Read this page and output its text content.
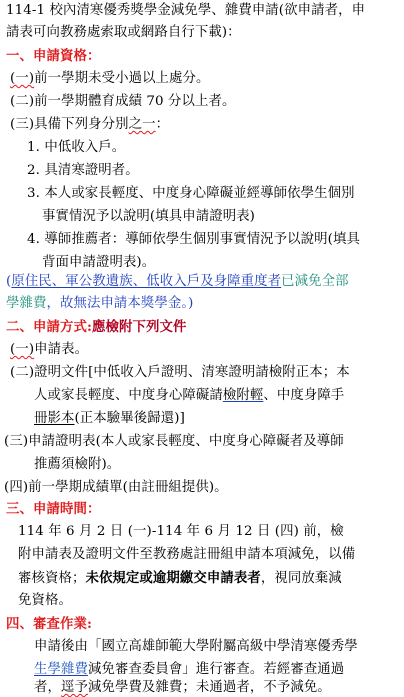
114-1 校內清寒優秀獎學金減免學、雜費申請(欲申請者，申
請表可向教務處索取或網路自行下載)：
一、申請資格：
(一)前一學期未受小過以上處分。
(二)前一學期體育成績 70 分以上者。
(三)具備下列身分別之一：
1. 中低收入戶。
2. 具清寒證明者。
3. 本人或家長輕度、中度身心障礙並經導師依學生個別
事實情況予以說明(填具申請證明表)
4. 導師推薦者：導師依學生個別事實情況予以說明(填具
背面申請證明表)。
(原住民、軍公教遺族、低收入戶及身障重度者已減免全部
學雜費，故無法申請本獎學金。)
二、申請方式:應檢附下列文件
(一)申請表。
(二)證明文件[中低收入戶證明、清寒證明請檢附正本；本
人或家長輕度、中度身心障礙請檢附輕、中度身障手
冊影本(正本驗畢後歸還)]
(三)申請證明表(本人或家長輕度、中度身心障礙者及導師
推薦須檢附)。
(四)前一學期成績單(由註冊組提供)。
三、申請時間：
114 年 6 月 2 日 (一)-114 年 6 月 12 日 (四) 前，檢
附申請表及證明文件至教務處註冊組申請本項減免，以備
審核資格；未依規定或逾期繳交申請表者，視同放棄減
免資格。
四、審查作業:
申請後由「國立高雄師範大學附屬高級中學清寒優秀學
生學雜費減免審查委員會」進行審查。若經審查通過
者，逕予減免學費及雜費；未通過者，不予減免。
